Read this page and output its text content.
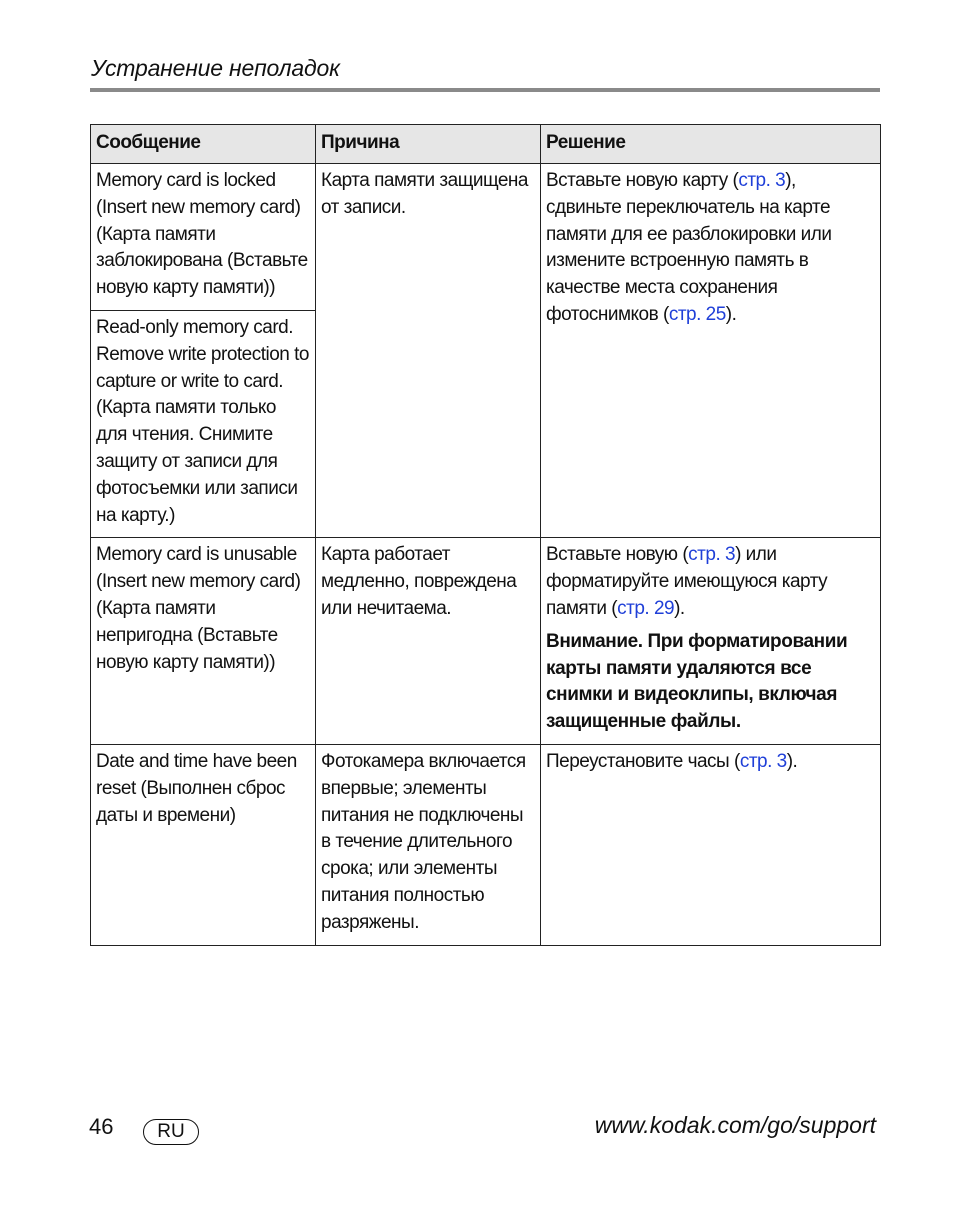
Устранение неполадок
Сообщение	Причина	Решение
Memory card is locked (Insert new memory card) (Карта памяти заблокирована (Вставьте новую карту памяти))	Карта памяти защищена от записи.	Вставьте новую карту (стр. 3), сдвиньте переключатель на карте памяти для ее разблокировки или измените встроенную память в качестве места сохранения фотоснимков (стр. 25).
Read-only memory card. Remove write protection to capture or write to card. (Карта памяти только для чтения. Снимите защиту от записи для фотосъемки или записи на карту.)		
Memory card is unusable (Insert new memory card) (Карта памяти непригодна (Вставьте новую карту памяти))	Карта работает медленно, повреждена или нечитаема.	Вставьте новую (стр. 3) или форматируйте имеющуюся карту памяти (стр. 29).
Внимание. При форматировании карты памяти удаляются все снимки и видеоклипы, включая защищенные файлы.

Date and time have been reset (Выполнен сброс даты и времени)	Фотокамера включается впервые; элементы питания не подключены в течение длительного срока; или элементы питания полностью разряжены.	Переустановите часы (стр. 3).
46	RU	www.kodak.com/go/support
